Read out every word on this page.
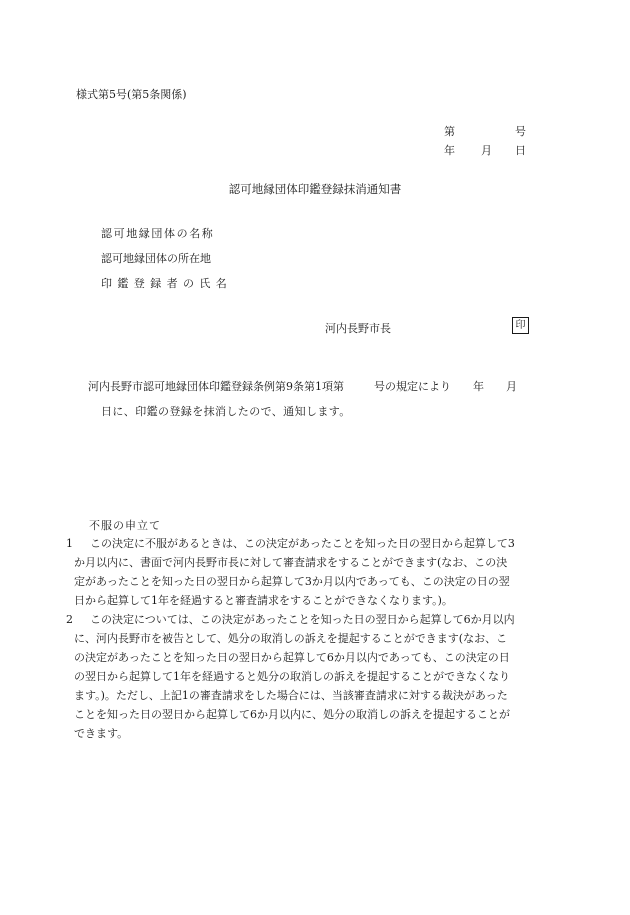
様式第5号(第5条関係)
第	号
年 月 日
認可地縁団体印鑑登録抹消通知書
認可地縁団体の名称
認可地縁団体の所在地
印鑑登録者の氏名
河内長野市長	印
河内長野市認可地縁団体印鑑登録条例第9条第1項第	号の規定により 年 月
日に、印鑑の登録を抹消したので、通知します。
不服の申立て
1	この決定に不服があるときは、この決定があったことを知った日の翌日から起算して3
か月以内に、書面で河内長野市長に対して審査請求をすることができます(なお、この決
定があったことを知った日の翌日から起算して3か月以内であっても、この決定の日の翌
日から起算して1年を経過すると審査請求をすることができなくなります。)。
2	この決定については、この決定があったことを知った日の翌日から起算して6か月以内
に、河内長野市を被告として、処分の取消しの訴えを提起することができます(なお、こ
の決定があったことを知った日の翌日から起算して6か月以内であっても、この決定の日
の翌日から起算して1年を経過すると処分の取消しの訴えを提起することができなくなり
ます。)。ただし、上記1の審査請求をした場合には、当該審査請求に対する裁決があった
ことを知った日の翌日から起算して6か月以内に、処分の取消しの訴えを提起することが
できます。
